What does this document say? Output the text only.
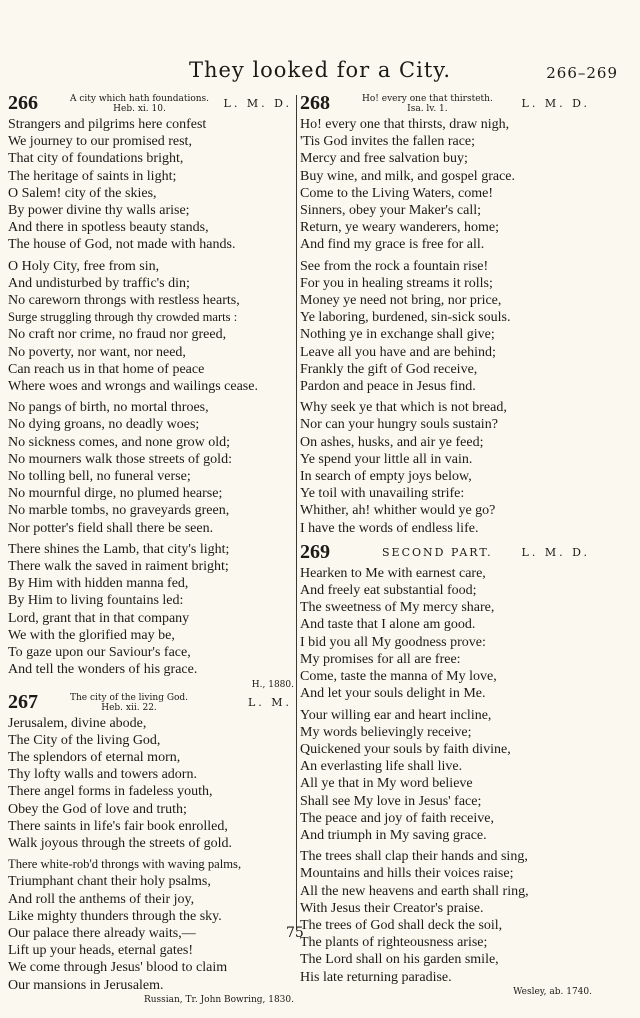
They looked for a City.	266–269
266	A city which hath foundations.
Heb. xi. 10.	L. M. D.
Strangers and pilgrims here confest
We journey to our promised rest,
That city of foundations bright,
The heritage of saints in light;
O Salem! city of the skies,
By power divine thy walls arise;
And there in spotless beauty stands,
The house of God, not made with hands.
O Holy City, free from sin,
And undisturbed by traffic's din;
No careworn throngs with restless hearts,
Surge struggling through thy crowded marts :
No craft nor crime, no fraud nor greed,
No poverty, nor want, nor need,
Can reach us in that home of peace
Where woes and wrongs and wailings cease.
No pangs of birth, no mortal throes,
No dying groans, no deadly woes;
No sickness comes, and none grow old;
No mourners walk those streets of gold:
No tolling bell, no funeral verse;
No mournful dirge, no plumed hearse;
No marble tombs, no graveyards green,
Nor potter's field shall there be seen.
There shines the Lamb, that city's light;
There walk the saved in raiment bright;
By Him with hidden manna fed,
By Him to living fountains led:
Lord, grant that in that company
We with the glorified may be,
To gaze upon our Saviour's face,
And tell the wonders of his grace.
H., 1880.
267	The city of the living God.
Heb. xii. 22.	L. M.
Jerusalem, divine abode,
The City of the living God,
The splendors of eternal morn,
Thy lofty walls and towers adorn.
There angel forms in fadeless youth,
Obey the God of love and truth;
There saints in life's fair book enrolled,
Walk joyous through the streets of gold.
There white-rob'd throngs with waving palms,
Triumphant chant their holy psalms,
And roll the anthems of their joy,
Like mighty thunders through the sky.
Our palace there already waits,—
Lift up your heads, eternal gates!
We come through Jesus' blood to claim
Our mansions in Jerusalem.
Russian, Tr. John Bowring, 1830.
268	Ho! every one that thirsteth.
Isa. lv. 1.	L. M. D.
Ho! every one that thirsts, draw nigh,
'Tis God invites the fallen race;
Mercy and free salvation buy;
Buy wine, and milk, and gospel grace.
Come to the Living Waters, come!
Sinners, obey your Maker's call;
Return, ye weary wanderers, home;
And find my grace is free for all.
See from the rock a fountain rise!
For you in healing streams it rolls;
Money ye need not bring, nor price,
Ye laboring, burdened, sin-sick souls.
Nothing ye in exchange shall give;
Leave all you have and are behind;
Frankly the gift of God receive,
Pardon and peace in Jesus find.
Why seek ye that which is not bread,
Nor can your hungry souls sustain?
On ashes, husks, and air ye feed;
Ye spend your little all in vain.
In search of empty joys below,
Ye toil with unavailing strife:
Whither, ah! whither would ye go?
I have the words of endless life.
269	SECOND PART.	L. M. D.
Hearken to Me with earnest care,
And freely eat substantial food;
The sweetness of My mercy share,
And taste that I alone am good.
I bid you all My goodness prove:
My promises for all are free:
Come, taste the manna of My love,
And let your souls delight in Me.
Your willing ear and heart incline,
My words believingly receive;
Quickened your souls by faith divine,
An everlasting life shall live.
All ye that in My word believe
Shall see My love in Jesus' face;
The peace and joy of faith receive,
And triumph in My saving grace.
The trees shall clap their hands and sing,
Mountains and hills their voices raise;
All the new heavens and earth shall ring,
With Jesus their Creator's praise.
The trees of God shall deck the soil,
The plants of righteousness arise;
The Lord shall on his garden smile,
His late returning paradise.
Wesley, ab. 1740.
75
